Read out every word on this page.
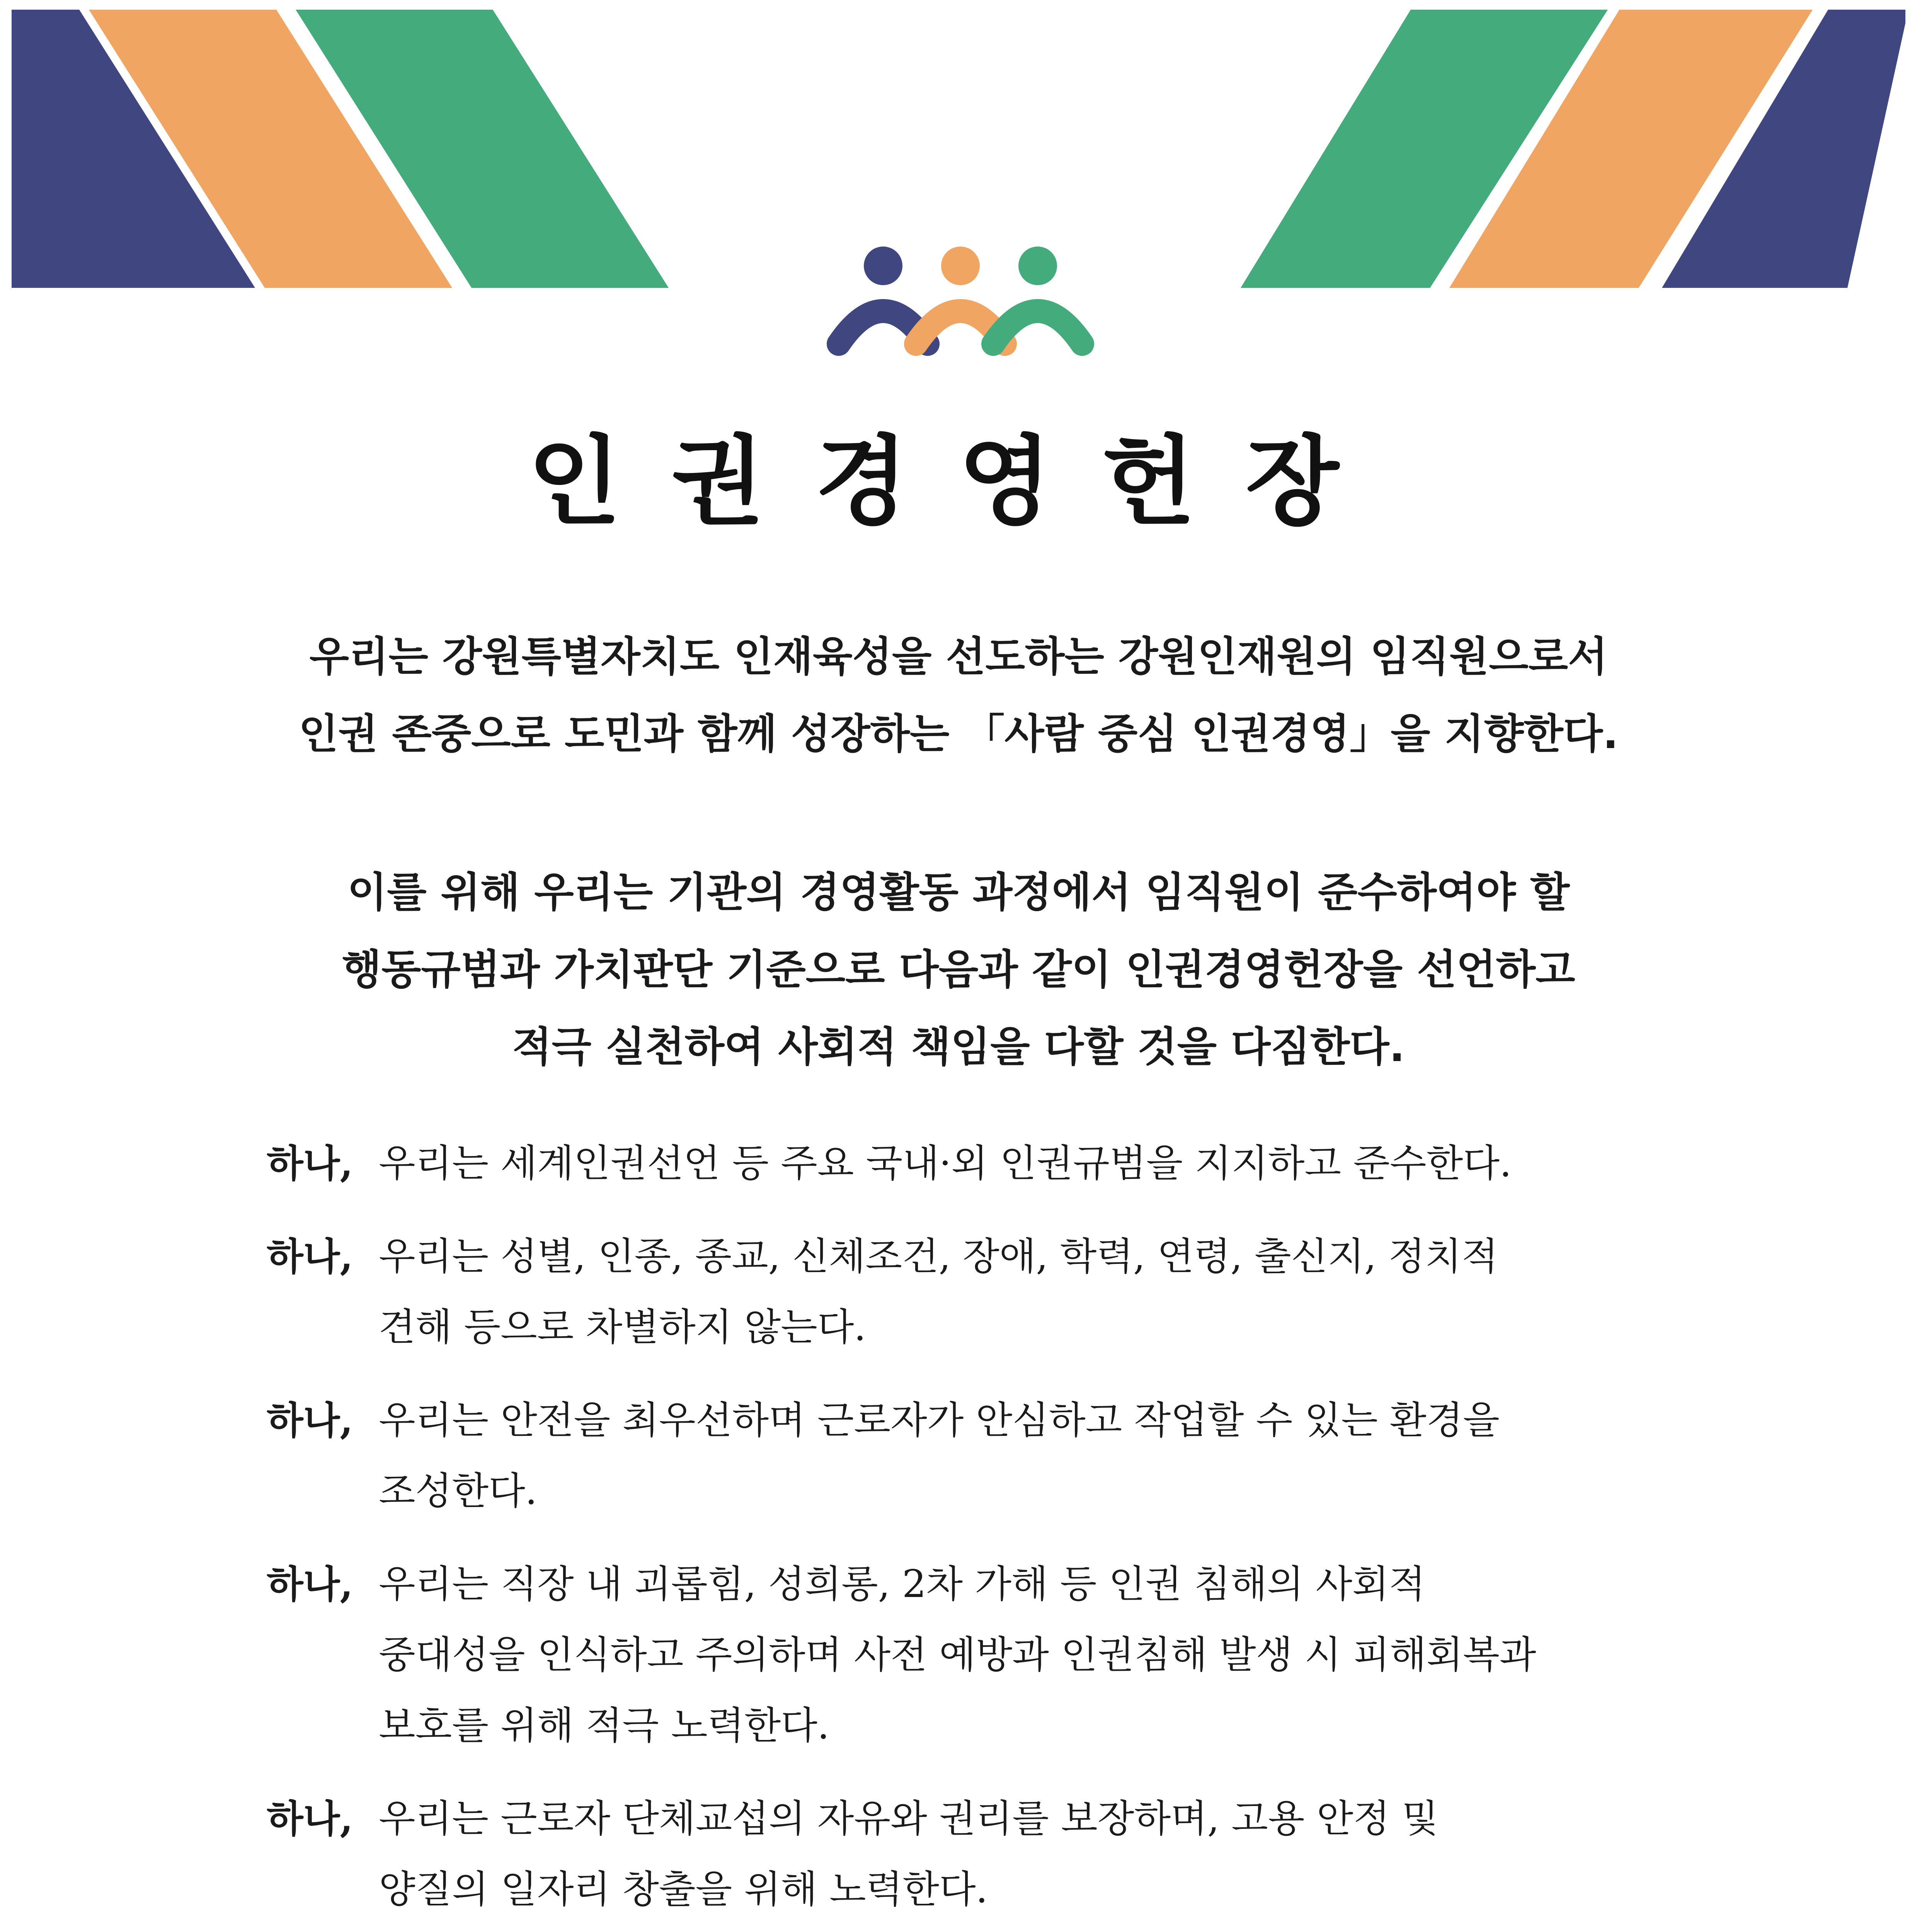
인권경영헌장
우리는 강원특별자치도 인재육성을 선도하는 강원인재원의 임직원으로서
인권 존중으로 도민과 함께 성장하는 「사람 중심 인권경영」을 지향한다.
이를 위해 우리는 기관의 경영활동 과정에서 임직원이 준수하여야 할
행동규범과 가치판단 기준으로 다음과 같이 인권경영헌장을 선언하고
적극 실천하여 사회적 책임을 다할 것을 다짐한다.
하나, 우리는 세계인권선언 등 주요 국내·외 인권규범을 지지하고 준수한다.
하나, 우리는 성별, 인종, 종교, 신체조건, 장애, 학력, 연령, 출신지, 정치적
견해 등으로 차별하지 않는다.
하나, 우리는 안전을 최우선하며 근로자가 안심하고 작업할 수 있는 환경을
조성한다.
하나, 우리는 직장 내 괴롭힘, 성희롱, 2차 가해 등 인권 침해의 사회적
중대성을 인식하고 주의하며 사전 예방과 인권침해 발생 시 피해회복과
보호를 위해 적극 노력한다.
하나, 우리는 근로자 단체교섭의 자유와 권리를 보장하며, 고용 안정 및
양질의 일자리 창출을 위해 노력한다.
